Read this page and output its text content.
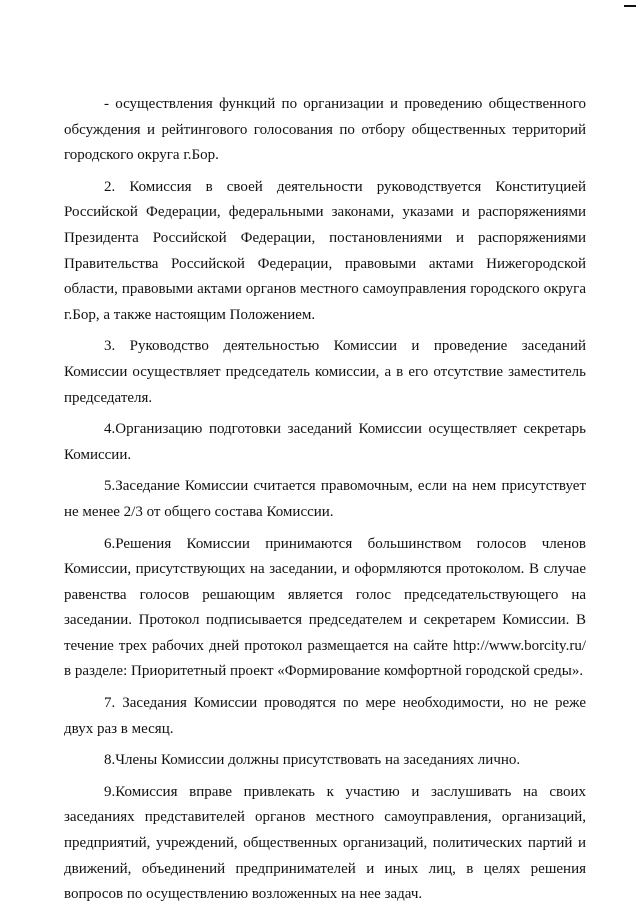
- осуществления функций по организации и проведению общественного обсуждения и рейтингового голосования по отбору общественных территорий городского округа г.Бор.

2. Комиссия в своей деятельности руководствуется Конституцией Российской Федерации, федеральными законами, указами и распоряжениями Президента Российской Федерации, постановлениями и распоряжениями Правительства Российской Федерации, правовыми актами Нижегородской области, правовыми актами органов местного самоуправления городского округа г.Бор, а также настоящим Положением.

3. Руководство деятельностью Комиссии и проведение заседаний Комиссии осуществляет председатель комиссии, а в его отсутствие заместитель председателя.

4.Организацию подготовки заседаний Комиссии осуществляет секретарь Комиссии.

5.Заседание Комиссии считается правомочным, если на нем присутствует не менее 2/3 от общего состава Комиссии.

6.Решения Комиссии принимаются большинством голосов членов Комиссии, присутствующих на заседании, и оформляются протоколом. В случае равенства голосов решающим является голос председательствующего на заседании. Протокол подписывается председателем и секретарем Комиссии. В течение трех рабочих дней протокол размещается на сайте http://www.borcity.ru/ в разделе: Приоритетный проект «Формирование комфортной городской среды».

7. Заседания Комиссии проводятся по мере необходимости, но не реже двух раз в месяц.

8.Члены Комиссии должны присутствовать на заседаниях лично.

9.Комиссия вправе привлекать к участию и заслушивать на своих заседаниях представителей органов местного самоуправления, организаций, предприятий, учреждений, общественных организаций, политических партий и движений, объединений предпринимателей и иных лиц, в целях решения вопросов по осуществлению возложенных на нее задач.
